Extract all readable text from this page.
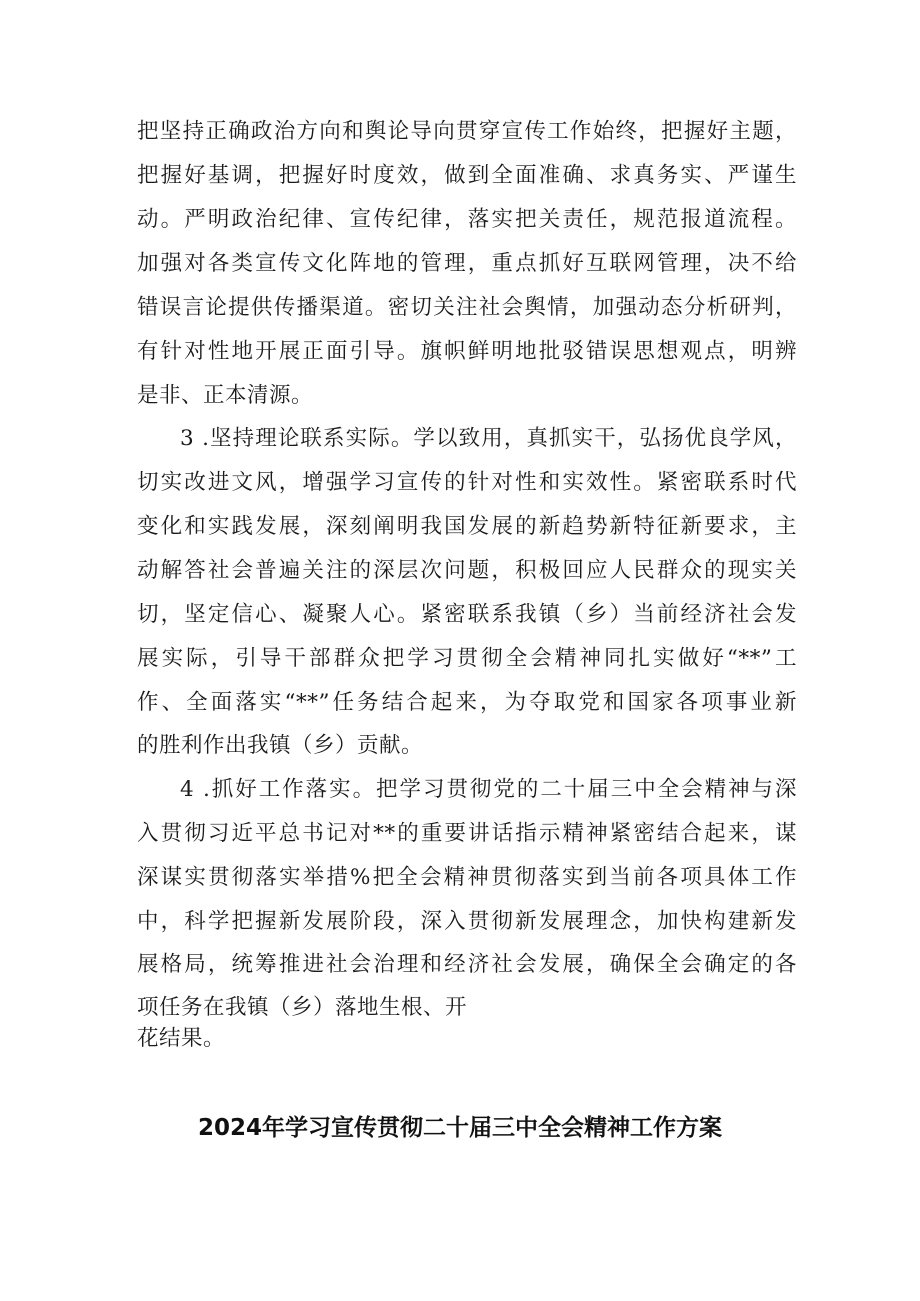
把坚持正确政治方向和舆论导向贯穿宣传工作始终，把握好主题，
把握好基调，把握好时度效，做到全面准确、求真务实、严谨生
动。严明政治纪律、宣传纪律，落实把关责任，规范报道流程。
加强对各类宣传文化阵地的管理，重点抓好互联网管理，决不给
错误言论提供传播渠道。密切关注社会舆情，加强动态分析研判，
有针对性地开展正面引导。旗帜鲜明地批驳错误思想观点，明辨
是非、正本清源。
3 .坚持理论联系实际。学以致用，真抓实干，弘扬优良学风，
切实改进文风，增强学习宣传的针对性和实效性。紧密联系时代
变化和实践发展，深刻阐明我国发展的新趋势新特征新要求，主
动解答社会普遍关注的深层次问题，积极回应人民群众的现实关
切，坚定信心、凝聚人心。紧密联系我镇（乡）当前经济社会发
展实际，引导干部群众把学习贯彻全会精神同扎实做好“**”工
作、全面落实“**”任务结合起来，为夺取党和国家各项事业新
的胜利作出我镇（乡）贡献。
4 .抓好工作落实。把学习贯彻党的二十届三中全会精神与深
入贯彻习近平总书记对**的重要讲话指示精神紧密结合起来，谋
深谋实贯彻落实举措%把全会精神贯彻落实到当前各项具体工作
中，科学把握新发展阶段，深入贯彻新发展理念，加快构建新发
展格局，统筹推进社会治理和经济社会发展，确保全会确定的各
项任务在我镇（乡）落地生根、开
花结果。
2024年学习宣传贯彻二十届三中全会精神工作方案
